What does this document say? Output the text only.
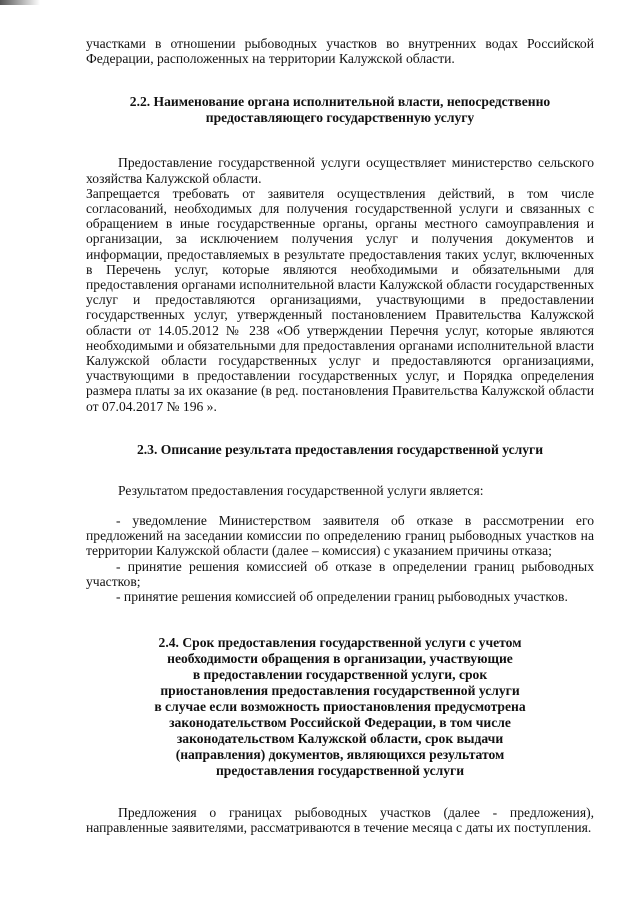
участками в отношении рыбоводных участков во внутренних водах Российской Федерации, расположенных на территории Калужской области.

2.2. Наименование органа исполнительной власти, непосредственно предоставляющего государственную услугу

Предоставление государственной услуги осуществляет министерство сельского хозяйства Калужской области.

Запрещается требовать от заявителя осуществления действий, в том числе согласований, необходимых для получения государственной услуги и связанных с обращением в иные государственные органы, органы местного самоуправления и организации, за исключением получения услуг и получения документов и информации, предоставляемых в результате предоставления таких услуг, включенных в Перечень услуг, которые являются необходимыми и обязательными для предоставления органами исполнительной власти Калужской области государственных услуг и предоставляются организациями, участвующими в предоставлении государственных услуг, утвержденный постановлением Правительства Калужской области от 14.05.2012 № 238 «Об утверждении Перечня услуг, которые являются необходимыми и обязательными для предоставления органами исполнительной власти Калужской области государственных услуг и предоставляются организациями, участвующими в предоставлении государственных услуг, и Порядка определения размера платы за их оказание (в ред. постановления Правительства Калужской области от 07.04.2017 № 196 ».

2.3. Описание результата предоставления государственной услуги

Результатом предоставления государственной услуги является:

- уведомление Министерством заявителя об отказе в рассмотрении его предложений на заседании комиссии по определению границ рыбоводных участков на территории Калужской области (далее – комиссия) с указанием причины отказа;

- принятие решения комиссией об отказе в определении границ рыбоводных участков;

- принятие решения комиссией об определении границ рыбоводных участков.

2.4. Срок предоставления государственной услуги с учетом
необходимости обращения в организации, участвующие
в предоставлении государственной услуги, срок
приостановления предоставления государственной услуги
в случае если возможность приостановления предусмотрена
законодательством Российской Федерации, в том числе
законодательством Калужской области, срок выдачи
(направления) документов, являющихся результатом
предоставления государственной услуги

Предложения о границах рыбоводных участков (далее - предложения), направленные заявителями, рассматриваются в течение месяца с даты их поступления.
